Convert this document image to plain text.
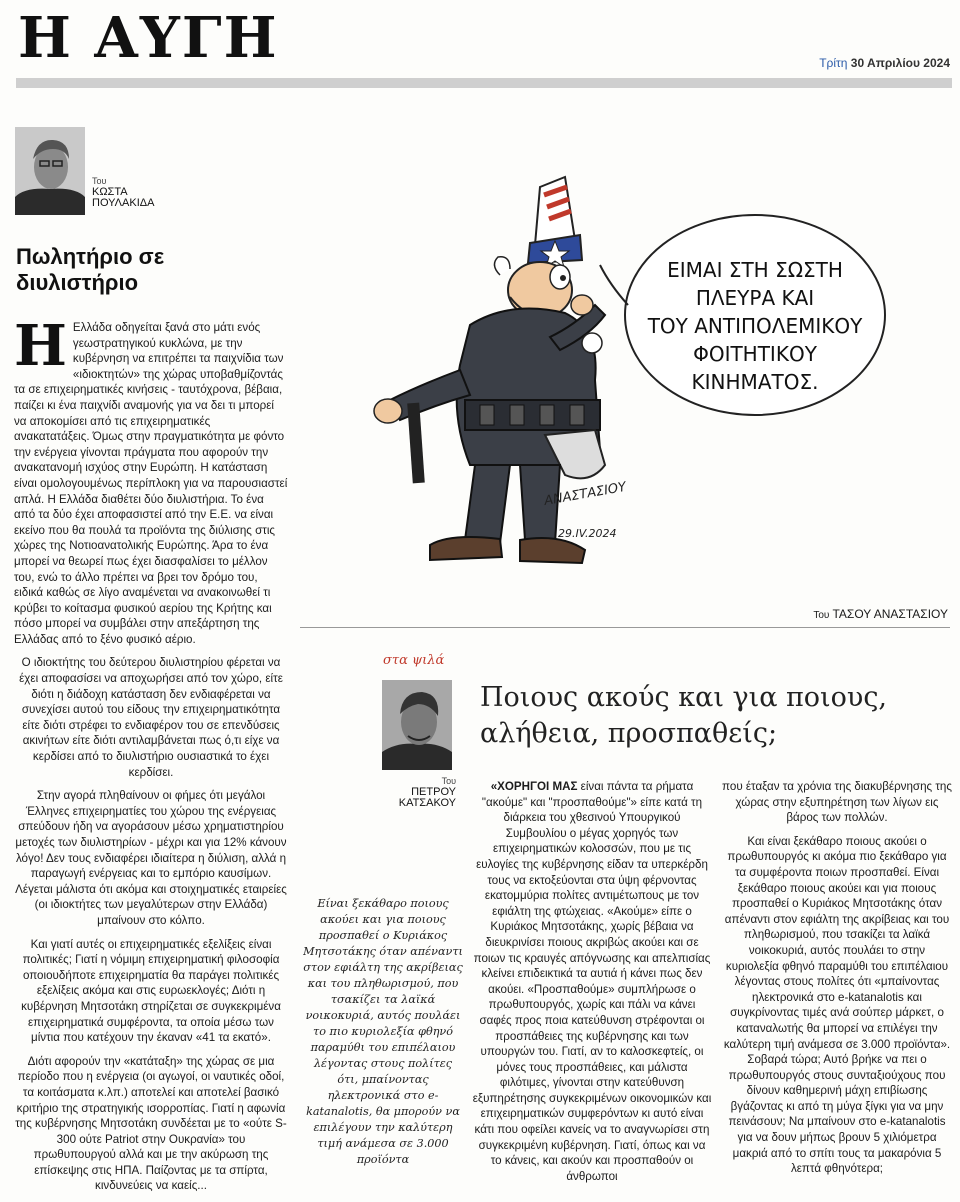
Η ΑΥΓΗ	Τρίτη 30 Απριλίου 2024
Του
ΚΩΣΤΑ ΠΟΥΛΑΚΙΔΑ
Πωλητήριο σε διυλιστήριο

Η Ελλάδα οδηγείται ξανά στο μάτι ενός γεωστρατηγικού κυκλώνα, με την κυβέρνηση να επιτρέπει τα παιχνίδια των «ιδιοκτητών» της χώρας υποβαθμίζοντάς τα σε επιχειρηματικές κινήσεις - ταυτόχρονα, βέβαια, παίζει κι ένα παιχνίδι αναμονής για να δει τι μπορεί να αποκομίσει από τις επιχειρηματικές ανακατατάξεις. Όμως στην πραγματικότητα με φόντο την ενέργεια γίνονται πράγματα που αφορούν την ανακατανομή ισχύος στην Ευρώπη. Η κατάσταση είναι ομολογουμένως περίπλοκη για να παρουσιαστεί απλά. Η Ελλάδα διαθέτει δύο διυλιστήρια. Το ένα από τα δύο έχει αποφασιστεί από την Ε.Ε. να είναι εκείνο που θα πουλά τα προϊόντα της διύλισης στις χώρες της Νοτιοανατολικής Ευρώπης. Άρα το ένα μπορεί να θεωρεί πως έχει διασφαλίσει το μέλλον του, ενώ το άλλο πρέπει να βρει τον δρόμο του, ειδικά καθώς σε λίγο αναμένεται να ανακοινωθεί τι κρύβει το κοίτασμα φυσικού αερίου της Κρήτης και πόσο μπορεί να συμβάλει στην απεξάρτηση της Ελλάδας από το ξένο φυσικό αέριο.

Ο ιδιοκτήτης του δεύτερου διυλιστηρίου φέρεται να έχει αποφασίσει να αποχωρήσει από τον χώρο, είτε διότι η διάδοχη κατάσταση δεν ενδιαφέρεται να συνεχίσει αυτού του είδους την επιχειρηματικότητα είτε διότι στρέφει το ενδιαφέρον του σε επενδύσεις ακινήτων είτε διότι αντιλαμβάνεται πως ό,τι είχε να κερδίσει από το διυλιστήριο ουσιαστικά το έχει κερδίσει.

Στην αγορά πληθαίνουν οι φήμες ότι μεγάλοι Έλληνες επιχειρηματίες του χώρου της ενέργειας σπεύδουν ήδη να αγοράσουν μέσω χρηματιστηρίου μετοχές των διυλιστηρίων - μέχρι και για 12% κάνουν λόγο! Δεν τους ενδιαφέρει ιδιαίτερα η διύλιση, αλλά η παραγωγή ενέργειας και το εμπόριο καυσίμων. Λέγεται μάλιστα ότι ακόμα και στοιχηματικές εταιρείες (οι ιδιοκτήτες των μεγαλύτερων στην Ελλάδα) μπαίνουν στο κόλπο.

Και γιατί αυτές οι επιχειρηματικές εξελίξεις είναι πολιτικές; Γιατί η νόμιμη επιχειρηματική φιλοσοφία οποιουδήποτε επιχειρηματία θα παράγει πολιτικές εξελίξεις ακόμα και στις ευρωεκλογές; Διότι η κυβέρνηση Μητσοτάκη στηρίζεται σε συγκεκριμένα επιχειρηματικά συμφέροντα, τα οποία μέσω των μίντια που κατέχουν την έκαναν «41 τα εκατό».

Διότι αφορούν την «κατάταξη» της χώρας σε μια περίοδο που η ενέργεια (οι αγωγοί, οι ναυτικές οδοί, τα κοιτάσματα κ.λπ.) αποτελεί και αποτελεί βασικό κριτήριο της στρατηγικής ισορροπίας. Γιατί η αφωνία της κυβέρνησης Μητσοτάκη συνδέεται με το «ούτε S-300 ούτε Patriot στην Ουκρανία» του πρωθυπουργού αλλά και με την ακύρωση της επίσκεψης στις ΗΠΑ. Παίζοντας με τα σπίρτα, κινδυνεύεις να καείς...

ΕΙΜΑΙ ΣΤΗ ΣΩΣΤΗ
ΠΛΕΥΡΑ ΚΑΙ
ΤΟΥ ΑΝΤΙΠΟΛΕΜΙΚΟΥ
ΦΟΙΤΗΤΙΚΟΥ
ΚΙΝΗΜΑΤΟΣ.
ΑΝΑΣΤΑΣΙΟΥ
29.IV.2024
Του ΤΑΣΟΥ ΑΝΑΣΤΑΣΙΟΥ
στα ψιλά
Του
ΠΕΤΡΟΥ ΚΑΤΣΑΚΟΥ
Ποιους ακούς και για ποιους, αλήθεια, προσπαθείς;
Είναι ξεκάθαρο ποιους ακούει και για ποιους προσπαθεί ο Κυριάκος Μητσοτάκης όταν απέναντι στον εφιάλτη της ακρίβειας και του πληθωρισμού, που τσακίζει τα λαϊκά νοικοκυριά, αυτός πουλάει το πιο κυριολεξία φθηνό παραμύθι του επιπέλαιου λέγοντας στους πολίτες ότι, μπαίνοντας ηλεκτρονικά στο e-katanalotis, θα μπορούν να επιλέγουν την καλύτερη τιμή ανάμεσα σε 3.000 προϊόντα

«ΧΟΡΗΓΟΙ ΜΑΣ είναι πάντα τα ρήματα "ακούμε" και "προσπαθούμε"» είπε κατά τη διάρκεια του χθεσινού Υπουργικού Συμβουλίου ο μέγας χορηγός των επιχειρηματικών κολοσσών, που με τις ευλογίες της κυβέρνησης είδαν τα υπερκέρδη τους να εκτοξεύονται στα ύψη φέρνοντας εκατομμύρια πολίτες αντιμέτωπους με τον εφιάλτη της φτώχειας. «Ακούμε» είπε ο Κυριάκος Μητσοτάκης, χωρίς βέβαια να διευκρινίσει ποιους ακριβώς ακούει και σε ποιων τις κραυγές απόγνωσης και απελπισίας κλείνει επιδεικτικά τα αυτιά ή κάνει πως δεν ακούει. «Προσπαθούμε» συμπλήρωσε ο πρωθυπουργός, χωρίς και πάλι να κάνει σαφές προς ποια κατεύθυνση στρέφονται οι προσπάθειες της κυβέρνησης και των υπουργών του. Γιατί, αν το καλοσκεφτείς, οι μόνες τους προσπάθειες, και μάλιστα φιλότιμες, γίνονται στην κατεύθυνση εξυπηρέτησης συγκεκριμένων οικονομικών και επιχειρηματικών συμφερόντων κι αυτό είναι κάτι που οφείλει κανείς να το αναγνωρίσει στη συγκεκριμένη κυβέρνηση. Γιατί, όπως και να το κάνεις, και ακούν και προσπαθούν οι άνθρωποι

που έταξαν τα χρόνια της διακυβέρνησης της χώρας στην εξυπηρέτηση των λίγων εις βάρος των πολλών.

Και είναι ξεκάθαρο ποιους ακούει ο πρωθυπουργός κι ακόμα πιο ξεκάθαρο για τα συμφέροντα ποιων προσπαθεί. Είναι ξεκάθαρο ποιους ακούει και για ποιους προσπαθεί ο Κυριάκος Μητσοτάκης όταν απέναντι στον εφιάλτη της ακρίβειας και του πληθωρισμού, που τσακίζει τα λαϊκά νοικοκυριά, αυτός πουλάει το στην κυριολεξία φθηνό παραμύθι του επιπέλαιου λέγοντας στους πολίτες ότι «μπαίνοντας ηλεκτρονικά στο e-katanalotis και συγκρίνοντας τιμές ανά σούπερ μάρκετ, ο καταναλωτής θα μπορεί να επιλέγει την καλύτερη τιμή ανάμεσα σε 3.000 προϊόντα». Σοβαρά τώρα; Αυτό βρήκε να πει ο πρωθυπουργός στους συνταξιούχους που δίνουν καθημερινή μάχη επιβίωσης βγάζοντας κι από τη μύγα ξίγκι για να μην πεινάσουν; Να μπαίνουν στο e-katanalotis για να δουν μήπως βρουν 5 χιλιόμετρα μακριά από το σπίτι τους τα μακαρόνια 5 λεπτά φθηνότερα;
